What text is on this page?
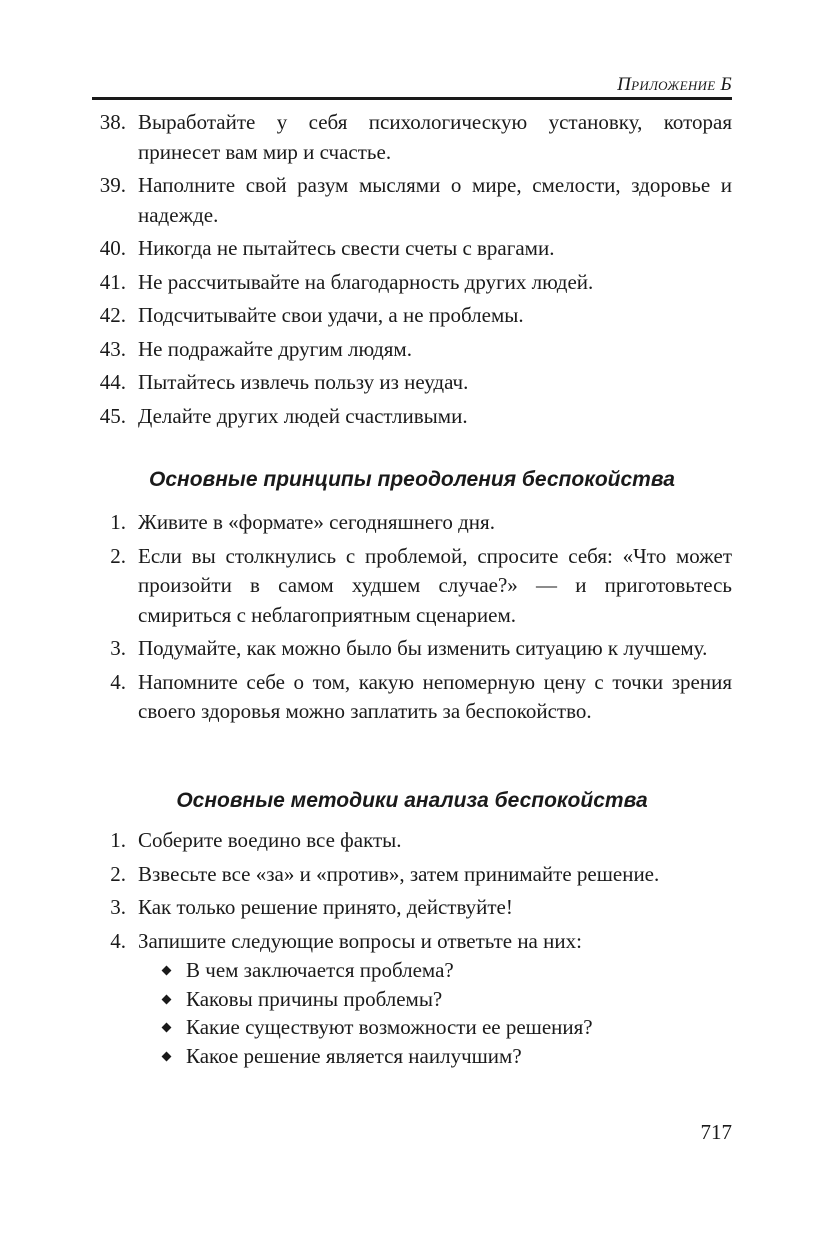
Приложение Б
38. Выработайте у себя психологическую установку, которая принесет вам мир и счастье.
39. Наполните свой разум мыслями о мире, смелости, здоровье и надежде.
40. Никогда не пытайтесь свести счеты с врагами.
41. Не рассчитывайте на благодарность других людей.
42. Подсчитывайте свои удачи, а не проблемы.
43. Не подражайте другим людям.
44. Пытайтесь извлечь пользу из неудач.
45. Делайте других людей счастливыми.
Основные принципы преодоления беспокойства
1. Живите в «формате» сегодняшнего дня.
2. Если вы столкнулись с проблемой, спросите себя: «Что может произойти в самом худшем случае?» — и приготовьтесь смириться с неблагоприятным сценарием.
3. Подумайте, как можно было бы изменить ситуацию к лучшему.
4. Напомните себе о том, какую непомерную цену с точки зрения своего здоровья можно заплатить за беспокойство.
Основные методики анализа беспокойства
1. Соберите воедино все факты.
2. Взвесьте все «за» и «против», затем принимайте решение.
3. Как только решение принято, действуйте!
4. Запишите следующие вопросы и ответьте на них:
В чем заключается проблема?
Каковы причины проблемы?
Какие существуют возможности ее решения?
Какое решение является наилучшим?
717
